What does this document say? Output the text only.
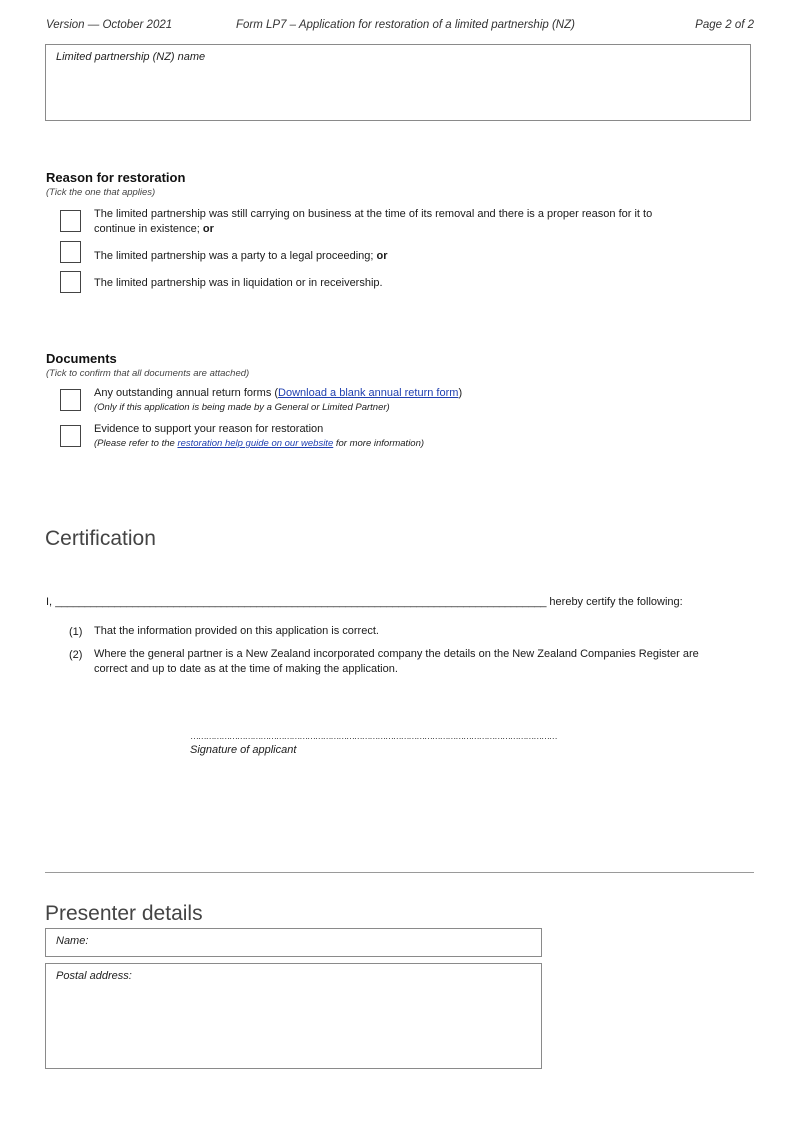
Version — October 2021	Form LP7 – Application for restoration of a limited partnership (NZ)	Page 2 of 2
Limited partnership (NZ) name
Reason for restoration
(Tick the one that applies)
The limited partnership was still carrying on business at the time of its removal and there is a proper reason for it to
continue in existence; or
The limited partnership was a party to a legal proceeding; or
The limited partnership was in liquidation or in receivership.
Documents
(Tick to confirm that all documents are attached)
Any outstanding annual return forms (Download a blank annual return form)
(Only if this application is being made by a General or Limited Partner)
Evidence to support your reason for restoration
(Please refer to the restoration help guide on our website for more information)
Certification
I, ___________________________________________________________________________________ hereby certify the following:
(1) That the information provided on this application is correct.
(2) Where the general partner is a New Zealand incorporated company the details on the New Zealand Companies Register are
correct and up to date as at the time of making the application.
……………………………………………………………………………………………………………………………
Signature of applicant
Presenter details
Name:
Postal address:
